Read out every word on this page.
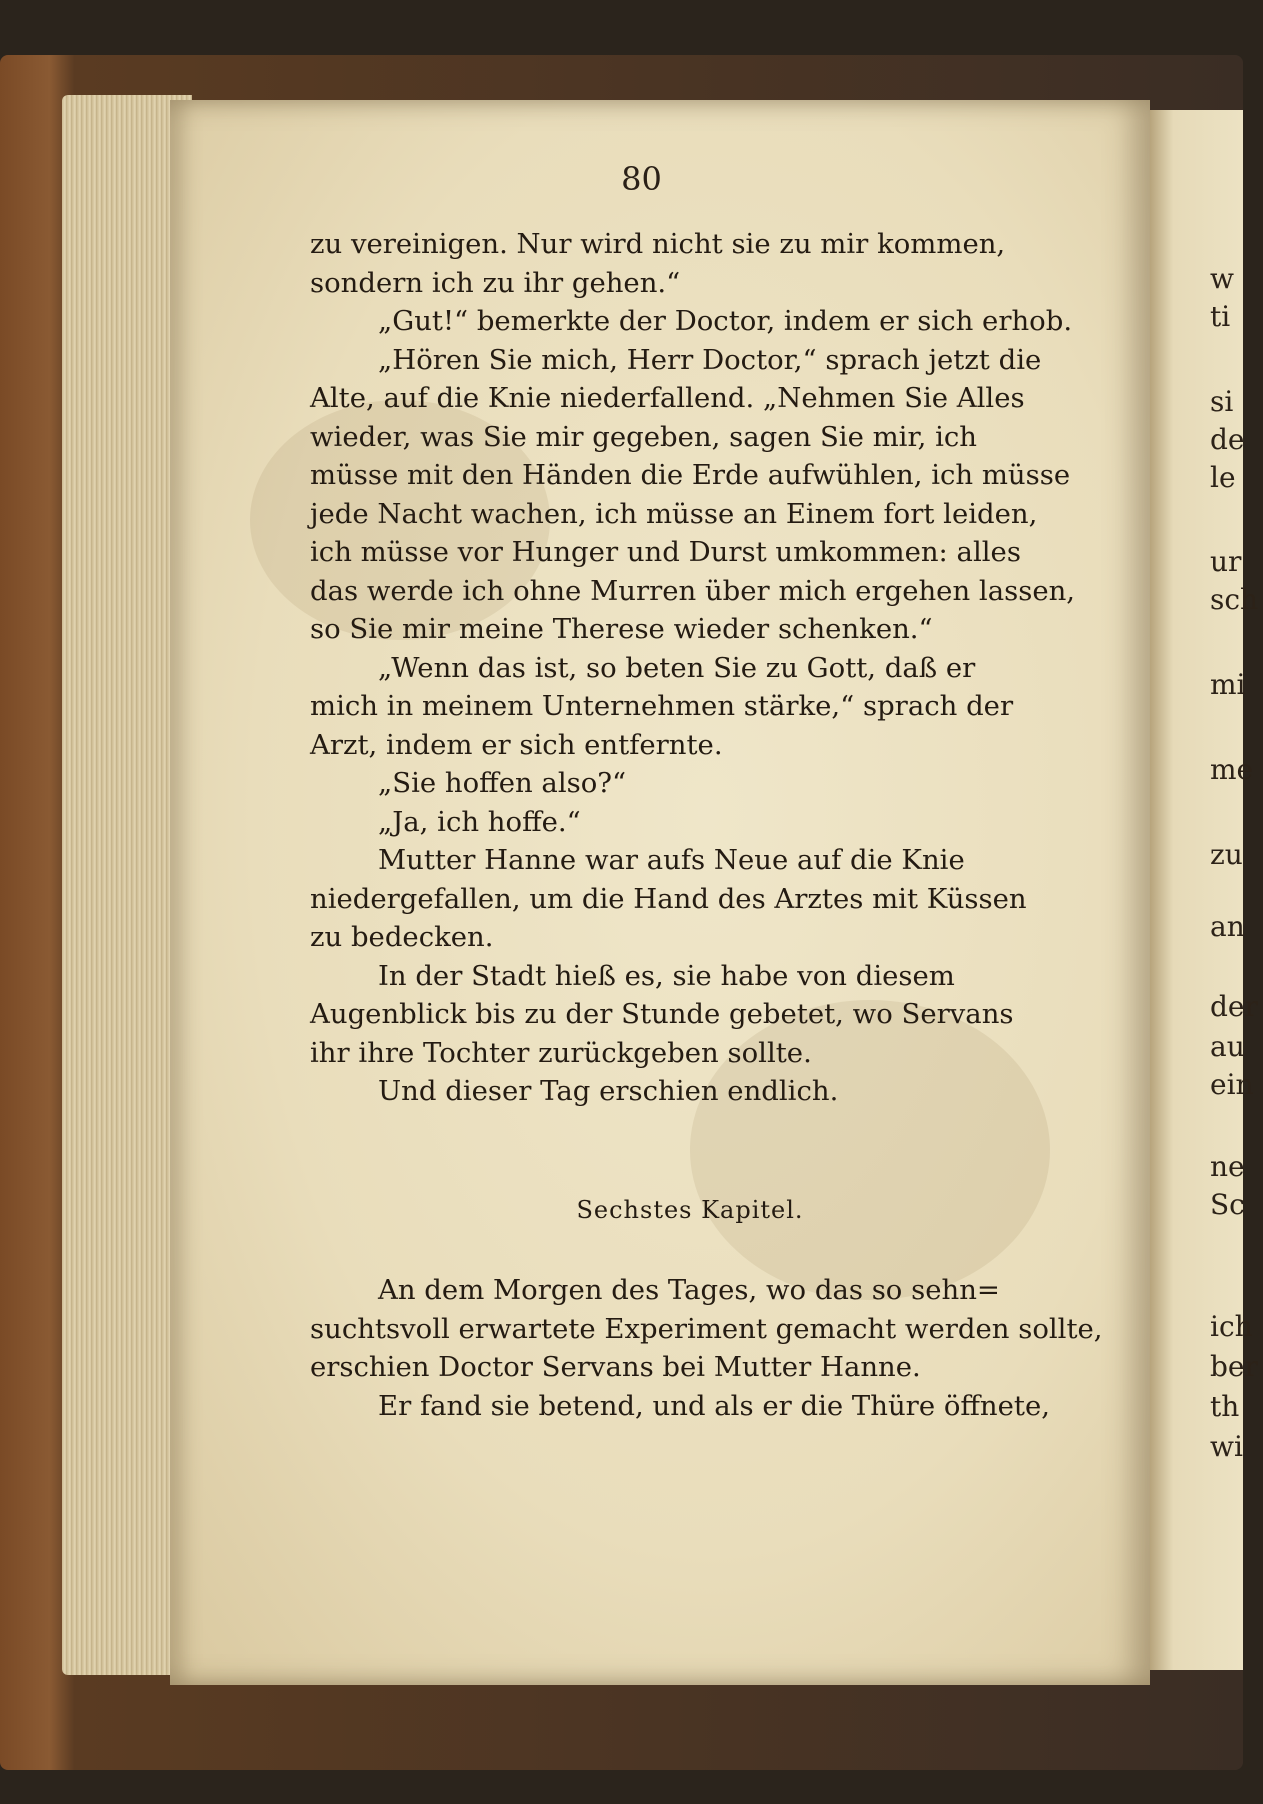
w
ti
si
de
le
ur
sch
mi
me
zu
an
der
au
ein
ne
Sc
ich
ber
th
wi
80
zu vereinigen. Nur wird nicht sie zu mir kommen,
sondern ich zu ihr gehen.“
„Gut!“ bemerkte der Doctor, indem er sich erhob.
„Hören Sie mich, Herr Doctor,“ sprach jetzt die
Alte, auf die Knie niederfallend. „Nehmen Sie Alles
wieder, was Sie mir gegeben, sagen Sie mir, ich
müsse mit den Händen die Erde aufwühlen, ich müsse
jede Nacht wachen, ich müsse an Einem fort leiden,
ich müsse vor Hunger und Durst umkommen: alles
das werde ich ohne Murren über mich ergehen lassen,
so Sie mir meine Therese wieder schenken.“
„Wenn das ist, so beten Sie zu Gott, daß er
mich in meinem Unternehmen stärke,“ sprach der
Arzt, indem er sich entfernte.
„Sie hoffen also?“
„Ja, ich hoffe.“
Mutter Hanne war aufs Neue auf die Knie
niedergefallen, um die Hand des Arztes mit Küssen
zu bedecken.
In der Stadt hieß es, sie habe von diesem
Augenblick bis zu der Stunde gebetet, wo Servans
ihr ihre Tochter zurückgeben sollte.
Und dieser Tag erschien endlich.
Sechstes Kapitel.
An dem Morgen des Tages, wo das so sehn=
suchtsvoll erwartete Experiment gemacht werden sollte,
erschien Doctor Servans bei Mutter Hanne.
Er fand sie betend, und als er die Thüre öffnete,
